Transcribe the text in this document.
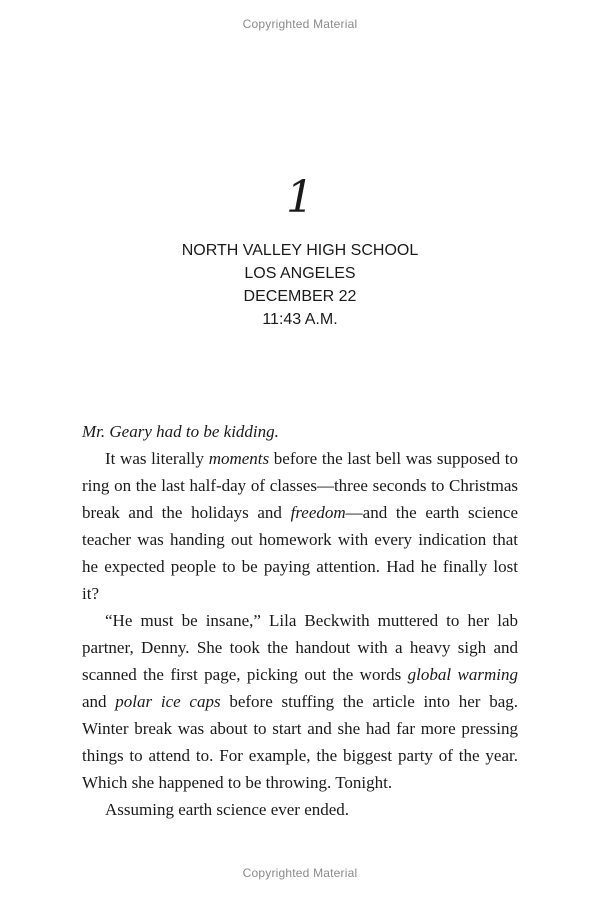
Copyrighted Material
1
NORTH VALLEY HIGH SCHOOL
LOS ANGELES
DECEMBER 22
11:43 A.M.

Mr. Geary had to be kidding.

It was literally moments before the last bell was supposed to ring on the last half-day of classes—three seconds to Christmas break and the holidays and freedom—and the earth science teacher was handing out homework with every indication that he expected people to be paying attention. Had he finally lost it?

“He must be insane,” Lila Beckwith muttered to her lab partner, Denny. She took the handout with a heavy sigh and scanned the first page, picking out the words global warming and polar ice caps before stuffing the article into her bag. Winter break was about to start and she had far more pressing things to attend to. For example, the biggest party of the year. Which she happened to be throwing. Tonight.

Assuming earth science ever ended.

Copyrighted Material
